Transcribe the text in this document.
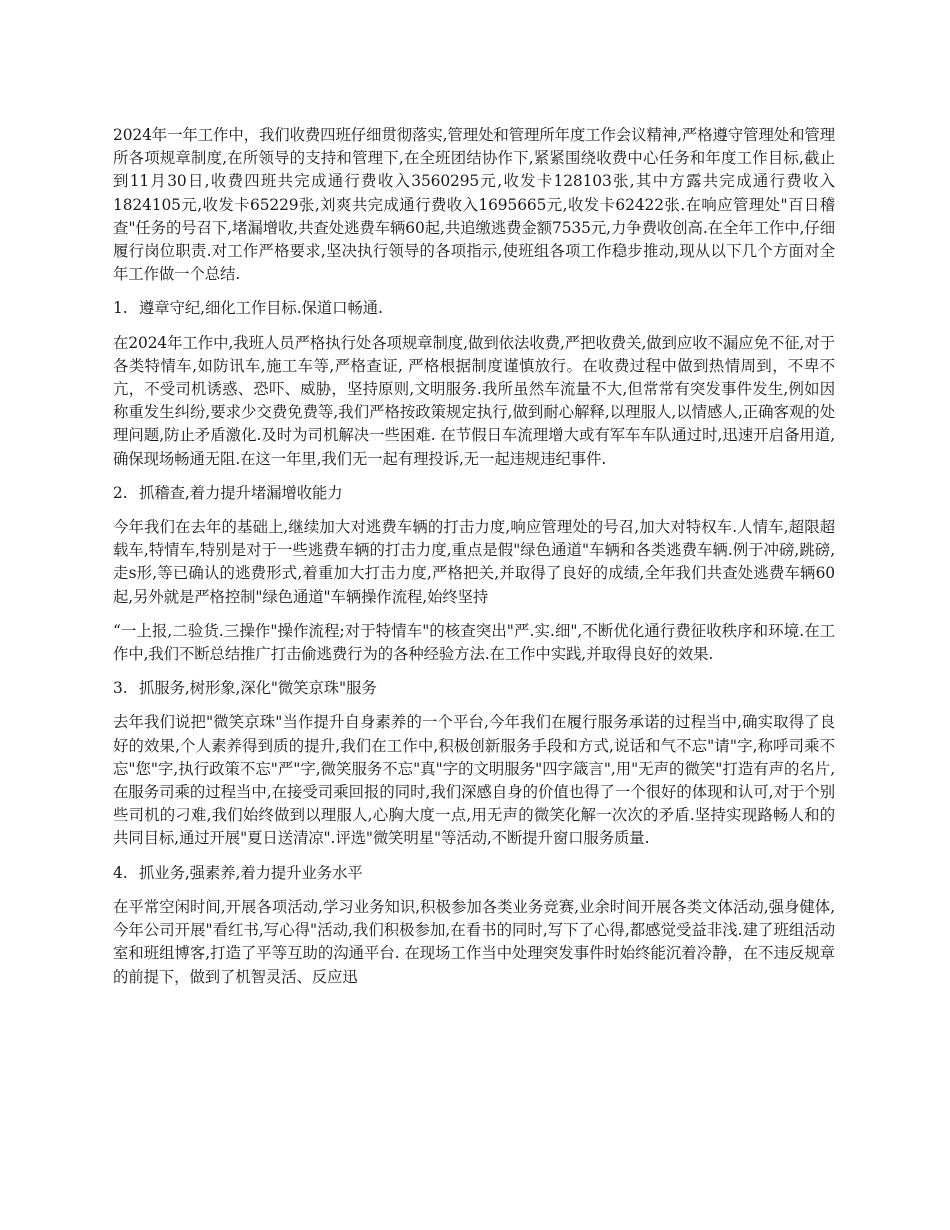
2024年一年工作中，我们收费四班仔细贯彻落实,管理处和管理所年度工作会议精神,严格遵守管理处和管理所各项规章制度,在所领导的支持和管理下,在全班团结协作下,紧紧围绕收费中心任务和年度工作目标,截止到11月30日,收费四班共完成通行费收入3560295元,收发卡128103张,其中方露共完成通行费收入1824105元,收发卡65229张,刘爽共完成通行费收入1695665元,收发卡62422张.在响应管理处"百日稽查"任务的号召下,堵漏增收,共查处逃费车辆60起,共追缴逃费金额7535元,力争费收创高.在全年工作中,仔细履行岗位职责.对工作严格要求,坚决执行领导的各项指示,使班组各项工作稳步推动,现从以下几个方面对全年工作做一个总结.

1. 遵章守纪,细化工作目标.保道口畅通.

在2024年工作中,我班人员严格执行处各项规章制度,做到依法收费,严把收费关,做到应收不漏应免不征,对于各类特情车,如防讯车,施工车等,严格查证, 严格根据制度谨慎放行。在收费过程中做到热情周到，不卑不亢，不受司机诱惑、恐吓、威胁，坚持原则,文明服务.我所虽然车流量不大,但常常有突发事件发生,例如因称重发生纠纷,要求少交费免费等,我们严格按政策规定执行,做到耐心解释,以理服人,以情感人,正确客观的处理问题,防止矛盾激化.及时为司机解决一些困难. 在节假日车流理增大或有军车车队通过时,迅速开启备用道,确保现场畅通无阻.在这一年里,我们无一起有理投诉,无一起违规违纪事件.

2. 抓稽查,着力提升堵漏增收能力

今年我们在去年的基础上,继续加大对逃费车辆的打击力度,响应管理处的号召,加大对特权车.人情车,超限超载车,特情车,特别是对于一些逃费车辆的打击力度,重点是假"绿色通道"车辆和各类逃费车辆.例于冲磅,跳磅,走s形,等已确认的逃费形式,着重加大打击力度,严格把关,并取得了良好的成绩,全年我们共查处逃费车辆60起,另外就是严格控制"绿色通道"车辆操作流程,始终坚持

“一上报,二验货.三操作"操作流程;对于特情车"的核查突出"严.实.细",不断优化通行费征收秩序和环境.在工作中,我们不断总结推广打击偷逃费行为的各种经验方法.在工作中实践,并取得良好的效果.

3. 抓服务,树形象,深化"微笑京珠"服务

去年我们说把"微笑京珠"当作提升自身素养的一个平台,今年我们在履行服务承诺的过程当中,确实取得了良好的效果,个人素养得到质的提升,我们在工作中,积极创新服务手段和方式,说话和气不忘"请"字,称呼司乘不忘"您"字,执行政策不忘"严"字,微笑服务不忘"真"字的文明服务"四字箴言",用"无声的微笑"打造有声的名片,在服务司乘的过程当中,在接受司乘回报的同时,我们深感自身的价值也得了一个很好的体现和认可,对于个别些司机的刁难,我们始终做到以理服人,心胸大度一点,用无声的微笑化解一次次的矛盾.坚持实现路畅人和的共同目标,通过开展"夏日送清凉".评选"微笑明星"等活动,不断提升窗口服务质量.

4. 抓业务,强素养,着力提升业务水平

在平常空闲时间,开展各项活动,学习业务知识,积极参加各类业务竞赛,业余时间开展各类文体活动,强身健体,今年公司开展"看红书,写心得"活动,我们积极参加,在看书的同时,写下了心得,都感觉受益非浅.建了班组活动室和班组博客,打造了平等互助的沟通平台. 在现场工作当中处理突发事件时始终能沉着冷静，在不违反规章的前提下，做到了机智灵活、反应迅
